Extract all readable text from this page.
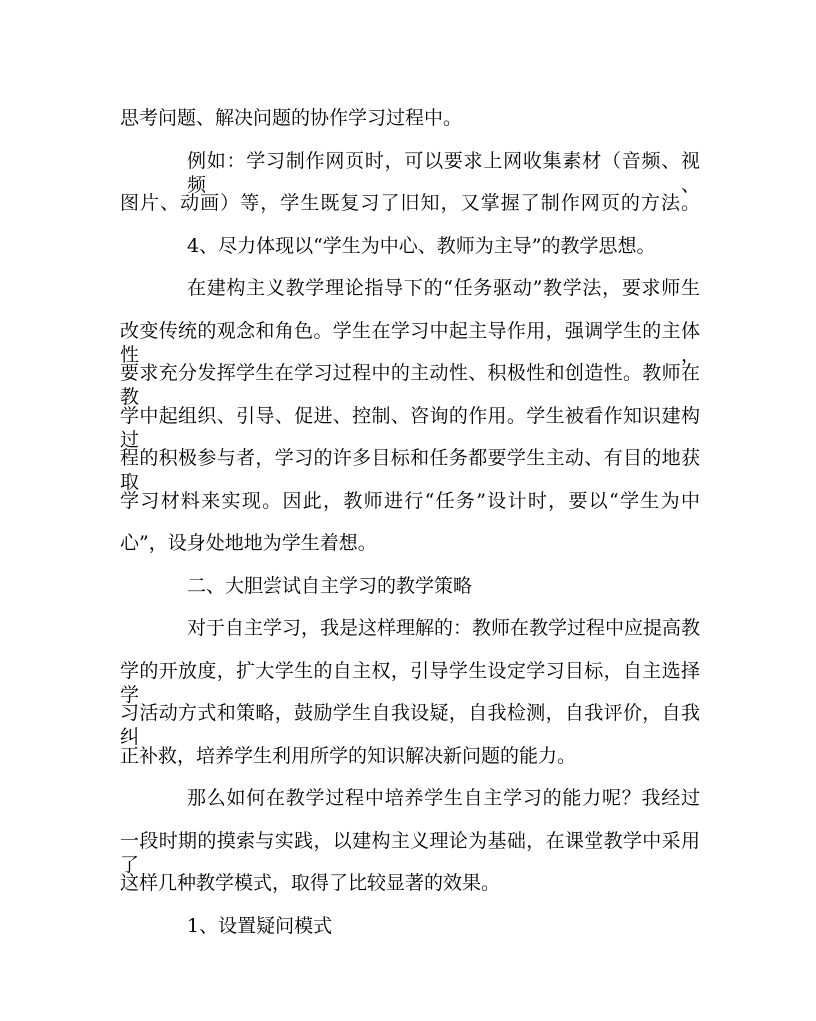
思考问题、解决问题的协作学习过程中。
例如：学习制作网页时，可以要求上网收集素材（音频、视频、
图片、动画）等，学生既复习了旧知，又掌握了制作网页的方法。
4、尽力体现以“学生为中心、教师为主导”的教学思想。
在建构主义教学理论指导下的“任务驱动”教学法，要求师生
改变传统的观念和角色。学生在学习中起主导作用，强调学生的主体性，
要求充分发挥学生在学习过程中的主动性、积极性和创造性。教师在教
学中起组织、引导、促进、控制、咨询的作用。学生被看作知识建构过
程的积极参与者，学习的许多目标和任务都要学生主动、有目的地获取
学习材料来实现。因此，教师进行“任务”设计时，要以“学生为中
心”，设身处地地为学生着想。
二、大胆尝试自主学习的教学策略
对于自主学习，我是这样理解的：教师在教学过程中应提高教
学的开放度，扩大学生的自主权，引导学生设定学习目标，自主选择学
习活动方式和策略，鼓励学生自我设疑，自我检测，自我评价，自我纠
正补救，培养学生利用所学的知识解决新问题的能力。
那么如何在教学过程中培养学生自主学习的能力呢？我经过
一段时期的摸索与实践，以建构主义理论为基础，在课堂教学中采用了
这样几种教学模式，取得了比较显著的效果。
1、设置疑问模式
